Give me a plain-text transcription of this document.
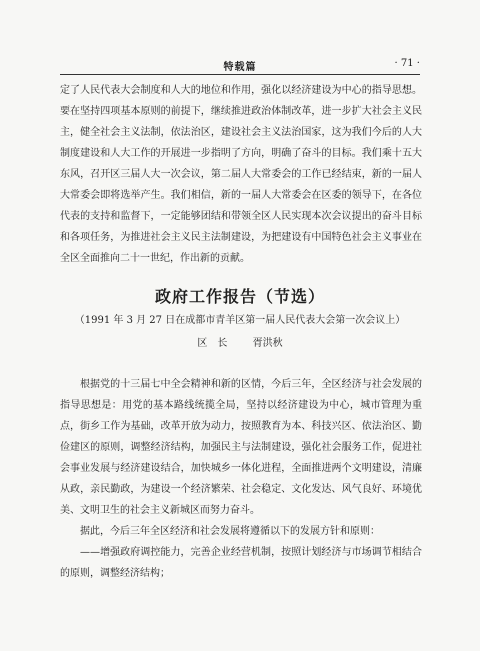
特载篇	· 71 ·
定了人民代表大会制度和人大的地位和作用，强化以经济建设为中心的指导思想。要在坚持四项基本原则的前提下，继续推进政治体制改革，进一步扩大社会主义民主，健全社会主义法制，依法治区，建设社会主义法治国家，这为我们今后的人大制度建设和人大工作的开展进一步指明了方向，明确了奋斗的目标。我们乘十五大东风，召开区三届人大一次会议，第二届人大常委会的工作已经结束，新的一届人大常委会即将选举产生。我们相信，新的一届人大常委会在区委的领导下，在各位代表的支持和监督下，一定能够团结和带领全区人民实现本次会议提出的奋斗目标和各项任务，为推进社会主义民主法制建设，为把建设有中国特色社会主义事业在全区全面推向二十一世纪，作出新的贡献。
政府工作报告（节选）
（1991 年 3 月 27 日在成都市青羊区第一届人民代表大会第一次会议上）
区　长	胥洪秋

根据党的十三届七中全会精神和新的区情，今后三年，全区经济与社会发展的指导思想是：用党的基本路线统揽全局，坚持以经济建设为中心，城市管理为重点，街乡工作为基础，改革开放为动力，按照教育为本、科技兴区、依法治区、勤俭建区的原则，调整经济结构，加强民主与法制建设，强化社会服务工作，促进社会事业发展与经济建设结合，加快城乡一体化进程，全面推进两个文明建设，清廉从政，亲民勤政，为建设一个经济繁荣、社会稳定、文化发达、风气良好、环境优美、文明卫生的社会主义新城区而努力奋斗。

据此，今后三年全区经济和社会发展将遵循以下的发展方针和原则：

——增强政府调控能力，完善企业经营机制，按照计划经济与市场调节相结合的原则，调整经济结构；
